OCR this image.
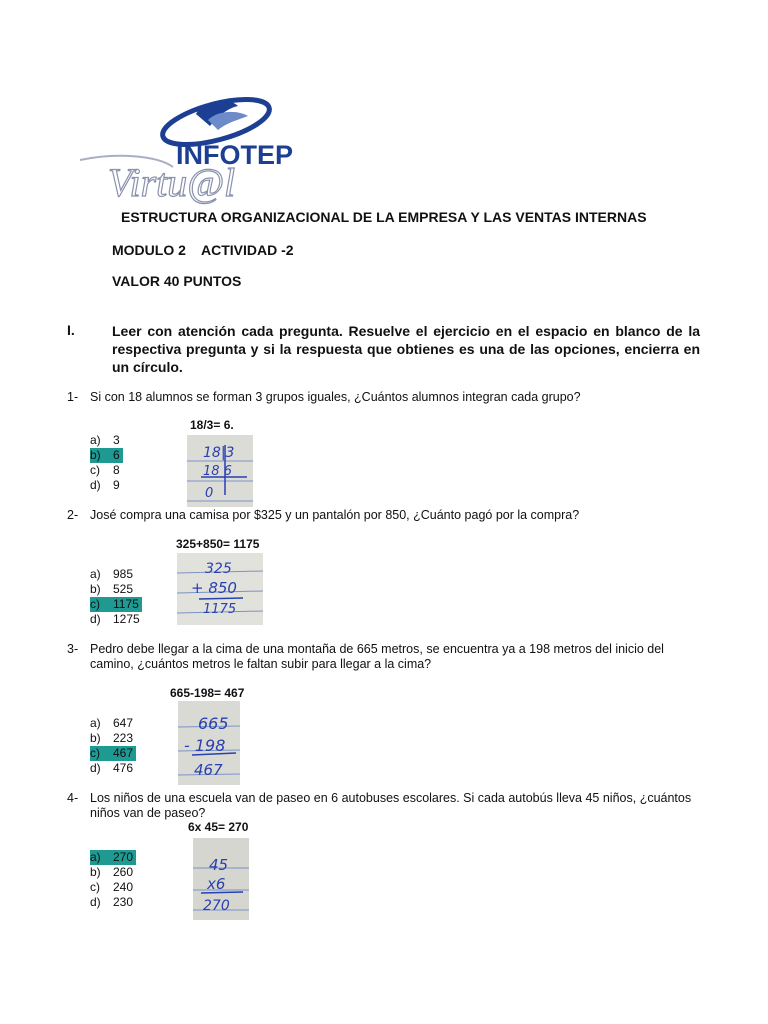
INFOTEP
Virtu@l
ESTRUCTURA ORGANIZACIONAL DE LA EMPRESA Y LAS VENTAS INTERNAS
MODULO 2 ACTIVIDAD -2
VALOR 40 PUNTOS
I.	Leer con atención cada pregunta. Resuelve el ejercicio en el espacio en blanco de la respectiva pregunta y si la respuesta que obtienes es una de las opciones, encierra en un círculo.
1- Si con 18 alumnos se forman 3 grupos iguales, ¿Cuántos alumnos integran cada grupo?
18/3= 6.
a) 3
b) 6
c) 8
d) 9
18|3
18 6
0
2- José compra una camisa por $325 y un pantalón por 850, ¿Cuánto pagó por la compra?
325+850= 1175
a) 985
b) 525
c) 1175
d) 1275
325
+ 850
1175
3- Pedro debe llegar a la cima de una montaña de 665 metros, se encuentra ya a 198 metros del inicio del camino, ¿cuántos metros le faltan subir para llegar a la cima?
665-198= 467
a) 647
b) 223
c) 467
d) 476
665
- 198
467
4- Los niños de una escuela van de paseo en 6 autobuses escolares. Si cada autobús lleva 45 niños, ¿cuántos niños van de paseo?
6x 45= 270
a) 270
b) 260
c) 240
d) 230
45
x6
270
